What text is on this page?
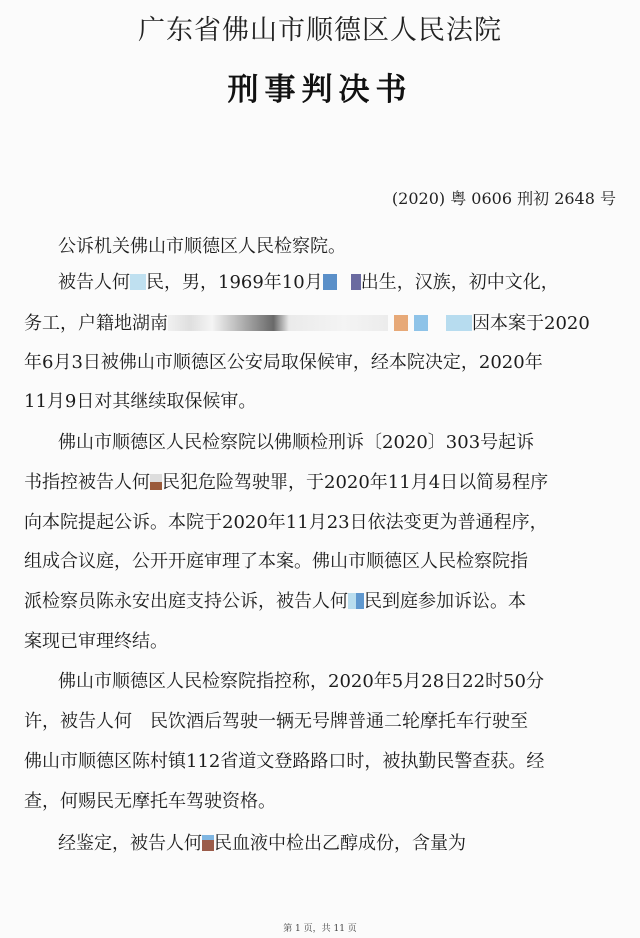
广东省佛山市顺德区人民法院
刑事判决书
(2020) 粤 0606 刑初 2648 号
公诉机关佛山市顺德区人民检察院。
被告人何 民，男，1969年10月 出生，汉族，初中文化，
务工，户籍地湖南	因本案于2020
年6月3日被佛山市顺德区公安局取保候审，经本院决定，2020年
11月9日对其继续取保候审。
佛山市顺德区人民检察院以佛顺检刑诉〔2020〕303号起诉
书指控被告人何 民犯危险驾驶罪，于2020年11月4日以简易程序
向本院提起公诉。本院于2020年11月23日依法变更为普通程序，
组成合议庭，公开开庭审理了本案。佛山市顺德区人民检察院指
派检察员陈永安出庭支持公诉，被告人何 民到庭参加诉讼。本
案现已审理终结。
佛山市顺德区人民检察院指控称，2020年5月28日22时50分
许，被告人何 民饮酒后驾驶一辆无号牌普通二轮摩托车行驶至
佛山市顺德区陈村镇112省道文登路路口时，被执勤民警查获。经
查，何赐民无摩托车驾驶资格。
经鉴定，被告人何 民血液中检出乙醇成份，含量为
第 1 页，共 11 页
